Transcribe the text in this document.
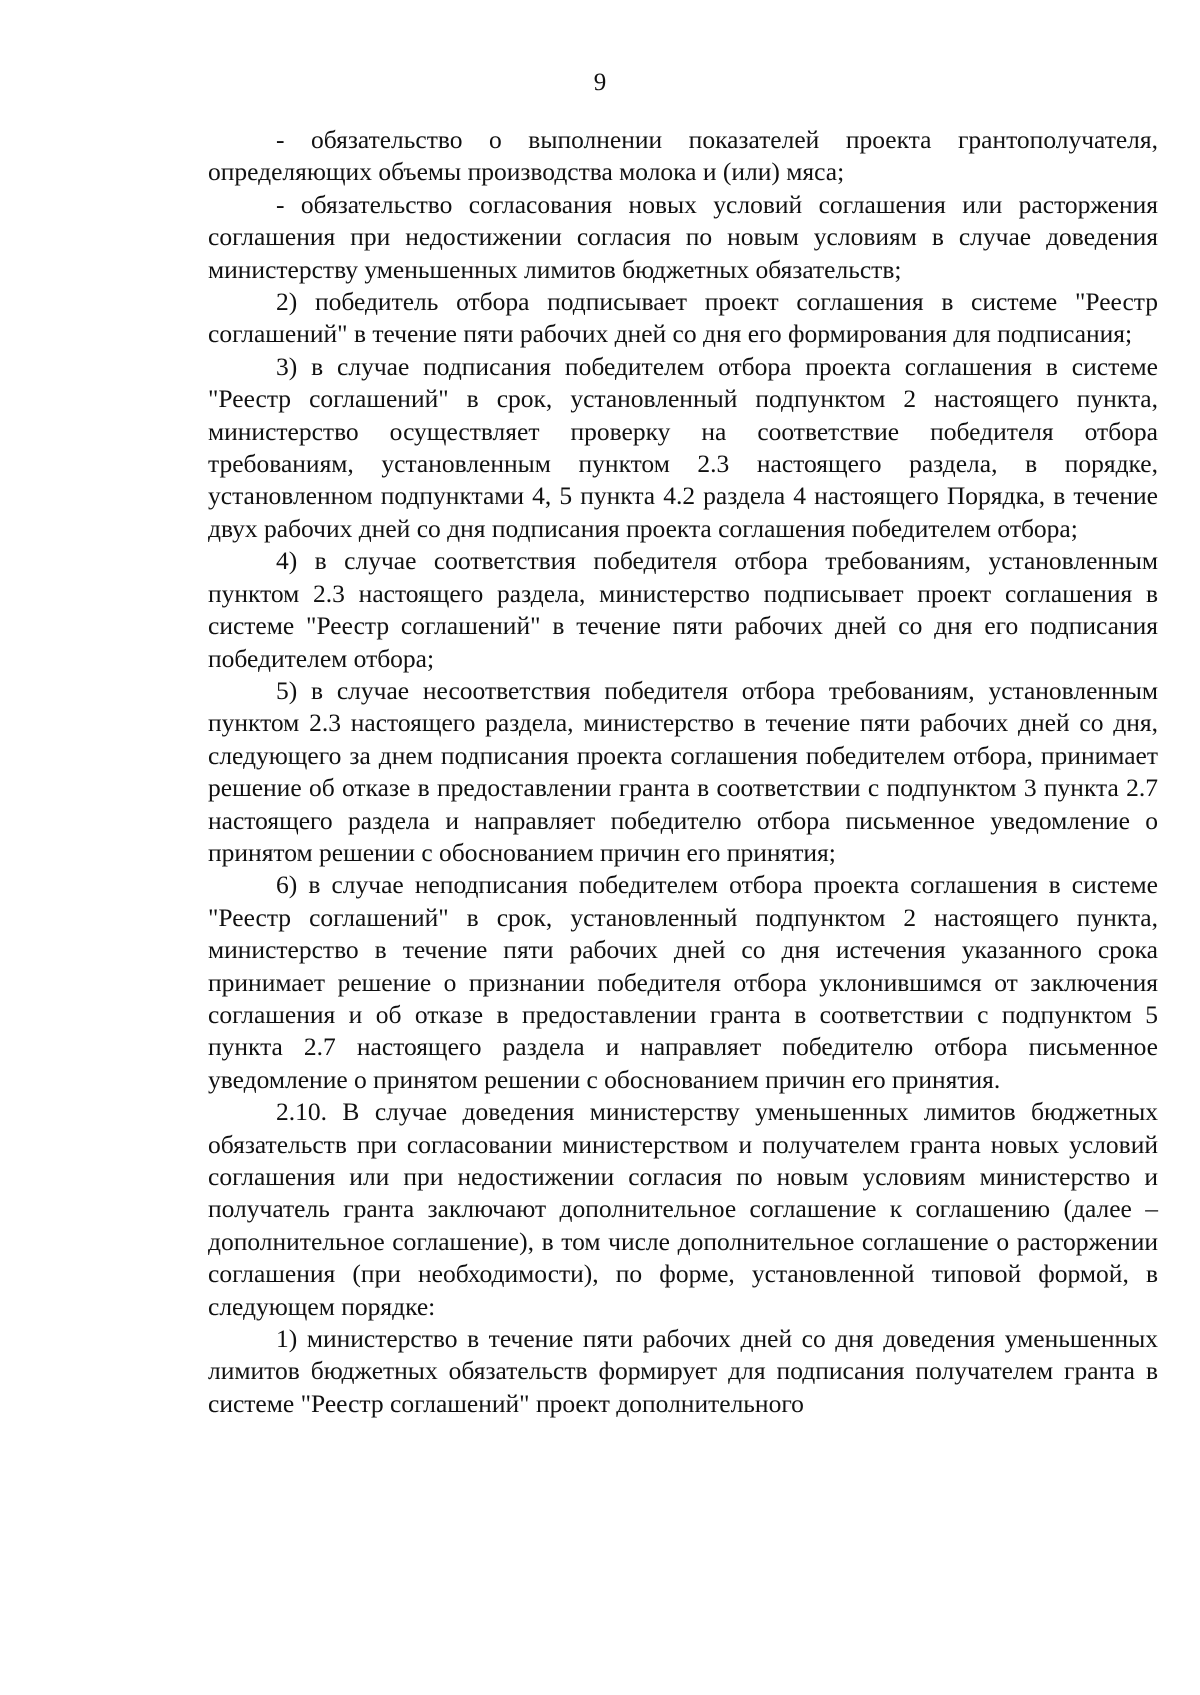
9

- обязательство о выполнении показателей проекта грантополучателя, определяющих объемы производства молока и (или) мяса;

- обязательство согласования новых условий соглашения или расторжения соглашения при недостижении согласия по новым условиям в случае доведения министерству уменьшенных лимитов бюджетных обязательств;

2) победитель отбора подписывает проект соглашения в системе "Реестр соглашений" в течение пяти рабочих дней со дня его формирования для подписания;

3) в случае подписания победителем отбора проекта соглашения в системе "Реестр соглашений" в срок, установленный подпунктом 2 настоящего пункта, министерство осуществляет проверку на соответствие победителя отбора требованиям, установленным пунктом 2.3 настоящего раздела, в порядке, установленном подпунктами 4, 5 пункта 4.2 раздела 4 настоящего Порядка, в течение двух рабочих дней со дня подписания проекта соглашения победителем отбора;

4) в случае соответствия победителя отбора требованиям, установленным пунктом 2.3 настоящего раздела, министерство подписывает проект соглашения в системе "Реестр соглашений" в течение пяти рабочих дней со дня его подписания победителем отбора;

5) в случае несоответствия победителя отбора требованиям, установленным пунктом 2.3 настоящего раздела, министерство в течение пяти рабочих дней со дня, следующего за днем подписания проекта соглашения победителем отбора, принимает решение об отказе в предоставлении гранта в соответствии с подпунктом 3 пункта 2.7 настоящего раздела и направляет победителю отбора письменное уведомление о принятом решении с обоснованием причин его принятия;

6) в случае неподписания победителем отбора проекта соглашения в системе "Реестр соглашений" в срок, установленный подпунктом 2 настоящего пункта, министерство в течение пяти рабочих дней со дня истечения указанного срока принимает решение о признании победителя отбора уклонившимся от заключения соглашения и об отказе в предоставлении гранта в соответствии с подпунктом 5 пункта 2.7 настоящего раздела и направляет победителю отбора письменное уведомление о принятом решении с обоснованием причин его принятия.

2.10. В случае доведения министерству уменьшенных лимитов бюджетных обязательств при согласовании министерством и получателем гранта новых условий соглашения или при недостижении согласия по новым условиям министерство и получатель гранта заключают дополнительное соглашение к соглашению (далее – дополнительное соглашение), в том числе дополнительное соглашение о расторжении соглашения (при необходимости), по форме, установленной типовой формой, в следующем порядке:

1) министерство в течение пяти рабочих дней со дня доведения уменьшенных лимитов бюджетных обязательств формирует для подписания получателем гранта в системе "Реестр соглашений" проект дополнительного
